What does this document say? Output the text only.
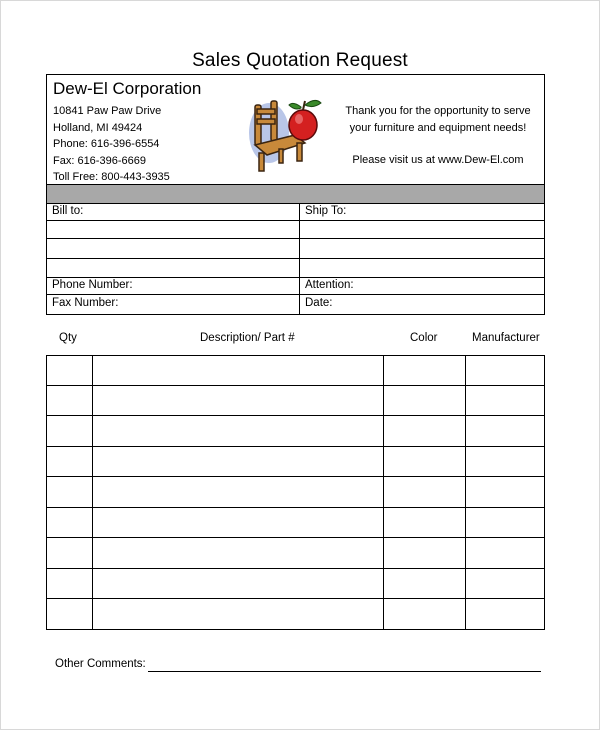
Sales Quotation Request
Dew-El Corporation
10841 Paw Paw Drive
Holland, MI 49424
Phone: 616-396-6554
Fax: 616-396-6669
Toll Free: 800-443-3935
Thank you for the opportunity to serve
your furniture and equipment needs!
Please visit us at www.Dew-El.com
Bill to:	Ship To:
Phone Number:	Attention:
Fax Number:	Date:
Qty	Description/ Part #	Color	Manufacturer
Other Comments:
